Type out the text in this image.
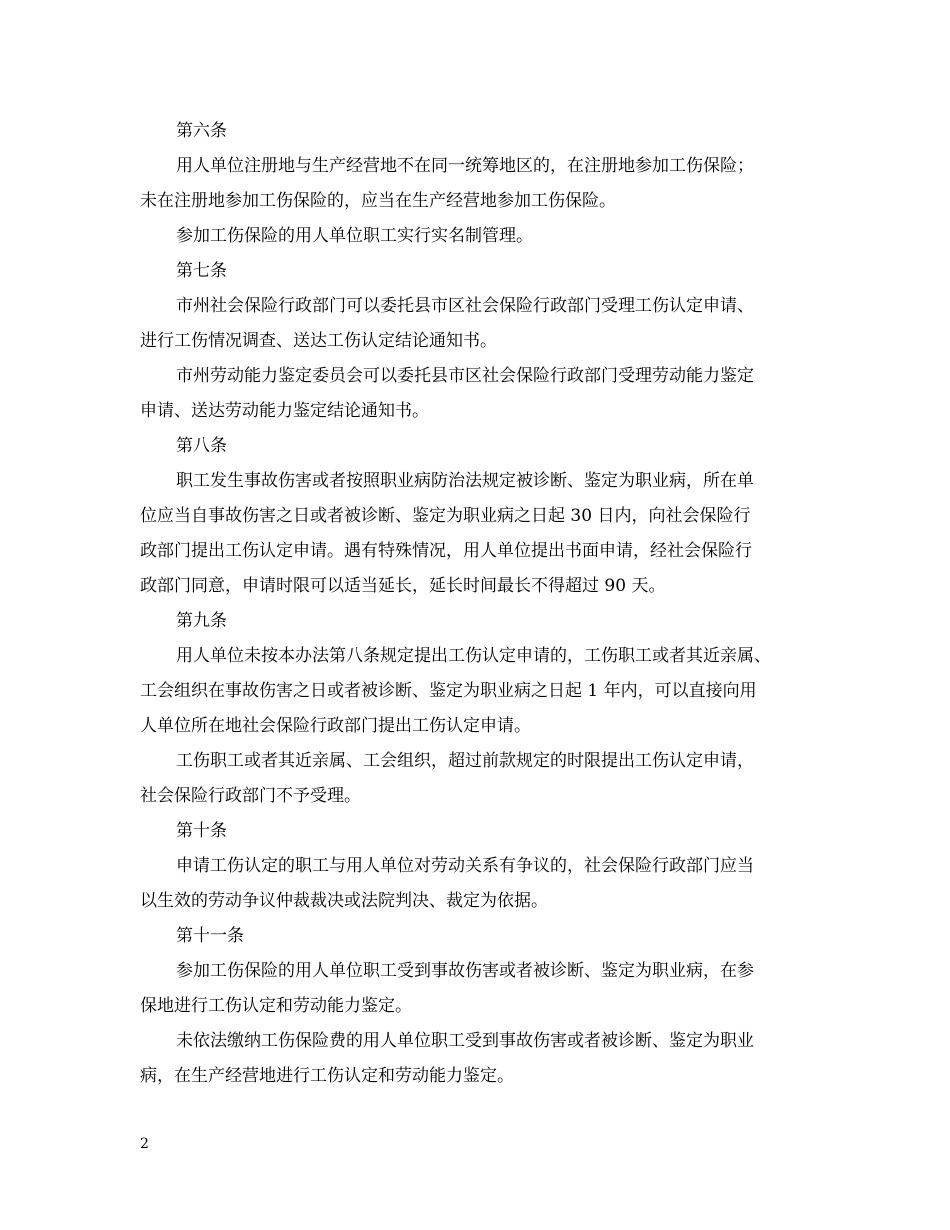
第六条
用人单位注册地与生产经营地不在同一统筹地区的，在注册地参加工伤保险；
未在注册地参加工伤保险的，应当在生产经营地参加工伤保险。
参加工伤保险的用人单位职工实行实名制管理。
第七条
市州社会保险行政部门可以委托县市区社会保险行政部门受理工伤认定申请、
进行工伤情况调查、送达工伤认定结论通知书。
市州劳动能力鉴定委员会可以委托县市区社会保险行政部门受理劳动能力鉴定
申请、送达劳动能力鉴定结论通知书。
第八条
职工发生事故伤害或者按照职业病防治法规定被诊断、鉴定为职业病，所在单
位应当自事故伤害之日或者被诊断、鉴定为职业病之日起 30 日内，向社会保险行
政部门提出工伤认定申请。遇有特殊情况，用人单位提出书面申请，经社会保险行
政部门同意，申请时限可以适当延长，延长时间最长不得超过 90 天。
第九条
用人单位未按本办法第八条规定提出工伤认定申请的，工伤职工或者其近亲属、
工会组织在事故伤害之日或者被诊断、鉴定为职业病之日起 1 年内，可以直接向用
人单位所在地社会保险行政部门提出工伤认定申请。
工伤职工或者其近亲属、工会组织，超过前款规定的时限提出工伤认定申请，
社会保险行政部门不予受理。
第十条
申请工伤认定的职工与用人单位对劳动关系有争议的，社会保险行政部门应当
以生效的劳动争议仲裁裁决或法院判决、裁定为依据。
第十一条
参加工伤保险的用人单位职工受到事故伤害或者被诊断、鉴定为职业病，在参
保地进行工伤认定和劳动能力鉴定。
未依法缴纳工伤保险费的用人单位职工受到事故伤害或者被诊断、鉴定为职业
病，在生产经营地进行工伤认定和劳动能力鉴定。
2
